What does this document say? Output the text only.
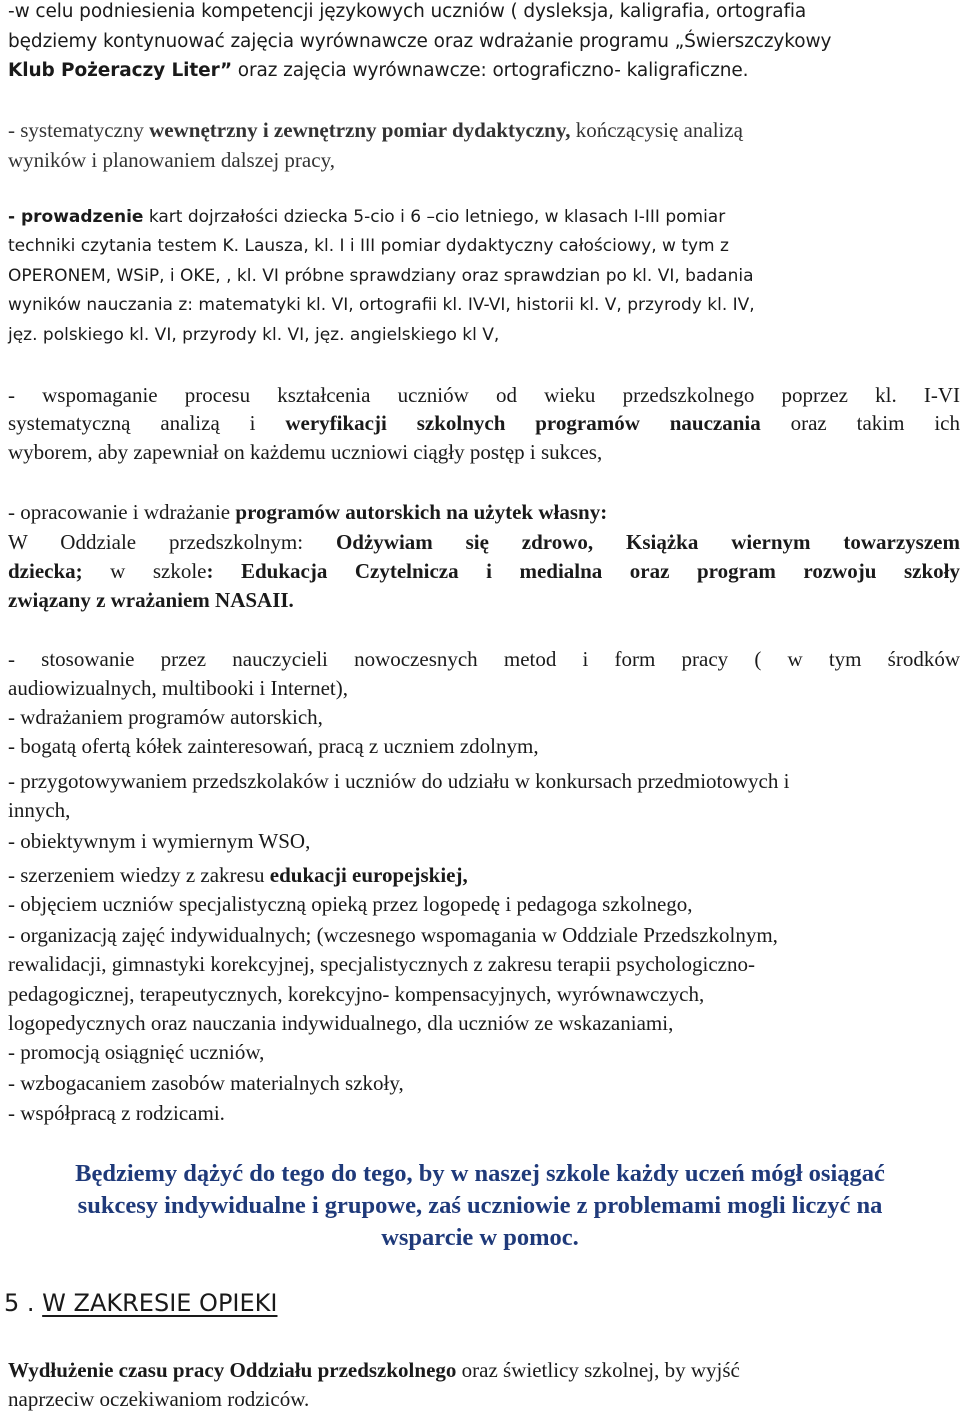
-w celu podniesienia kompetencji językowych uczniów ( dysleksja, kaligrafia, ortografia
będziemy kontynuować zajęcia wyrównawcze oraz wdrażanie programu „Świerszczykowy
Klub Pożeraczy Liter” oraz zajęcia wyrównawcze: ortograficzno- kaligraficzne.
- systematyczny wewnętrzny i zewnętrzny pomiar dydaktyczny, kończącysię analizą
wyników i planowaniem dalszej pracy,
- prowadzenie kart dojrzałości dziecka 5-cio i 6 –cio letniego, w klasach I-III pomiar
techniki czytania testem K. Lausza, kl. I i III pomiar dydaktyczny całościowy, w tym z
OPERONEM, WSiP, i OKE, , kl. VI próbne sprawdziany oraz sprawdzian po kl. VI, badania
wyników nauczania z: matematyki kl. VI, ortografii kl. IV-VI, historii kl. V, przyrody kl. IV,
jęz. polskiego kl. VI, przyrody kl. VI, jęz. angielskiego kl V,
- wspomaganie procesu kształcenia uczniów od wieku przedszkolnego poprzez kl. I-VI
systematyczną analizą i weryfikacji szkolnych programów nauczania oraz takim ich
wyborem, aby zapewniał on każdemu uczniowi ciągły postęp i sukces,
- opracowanie i wdrażanie programów autorskich na użytek własny:
W Oddziale przedszkolnym: Odżywiam się zdrowo, Książka wiernym towarzyszem
dziecka; w szkole: Edukacja Czytelnicza i medialna oraz program rozwoju szkoły
związany z wrażaniem NASAII.
- stosowanie przez nauczycieli nowoczesnych metod i form pracy ( w tym środków
audiowizualnych, multibooki i Internet),
- wdrażaniem programów autorskich,
- bogatą ofertą kółek zainteresowań, pracą z uczniem zdolnym,
- przygotowywaniem przedszkolaków i uczniów do udziału w konkursach przedmiotowych i
innych,
- obiektywnym i wymiernym WSO,
- szerzeniem wiedzy z zakresu edukacji europejskiej,
- objęciem uczniów specjalistyczną opieką przez logopedę i pedagoga szkolnego,
- organizacją zajęć indywidualnych; (wczesnego wspomagania w Oddziale Przedszkolnym,
rewalidacji, gimnastyki korekcyjnej, specjalistycznych z zakresu terapii psychologiczno-
pedagogicznej, terapeutycznych, korekcyjno- kompensacyjnych, wyrównawczych,
logopedycznych oraz nauczania indywidualnego, dla uczniów ze wskazaniami,
- promocją osiągnięć uczniów,
- wzbogacaniem zasobów materialnych szkoły,
- współpracą z rodzicami.
Będziemy dążyć do tego do tego, by w naszej szkole każdy uczeń mógł osiągać
sukcesy indywidualne i grupowe, zaś uczniowie z problemami mogli liczyć na
wsparcie w pomoc.
5 . W ZAKRESIE OPIEKI
Wydłużenie czasu pracy Oddziału przedszkolnego oraz świetlicy szkolnej, by wyjść
naprzeciw oczekiwaniom rodziców.
